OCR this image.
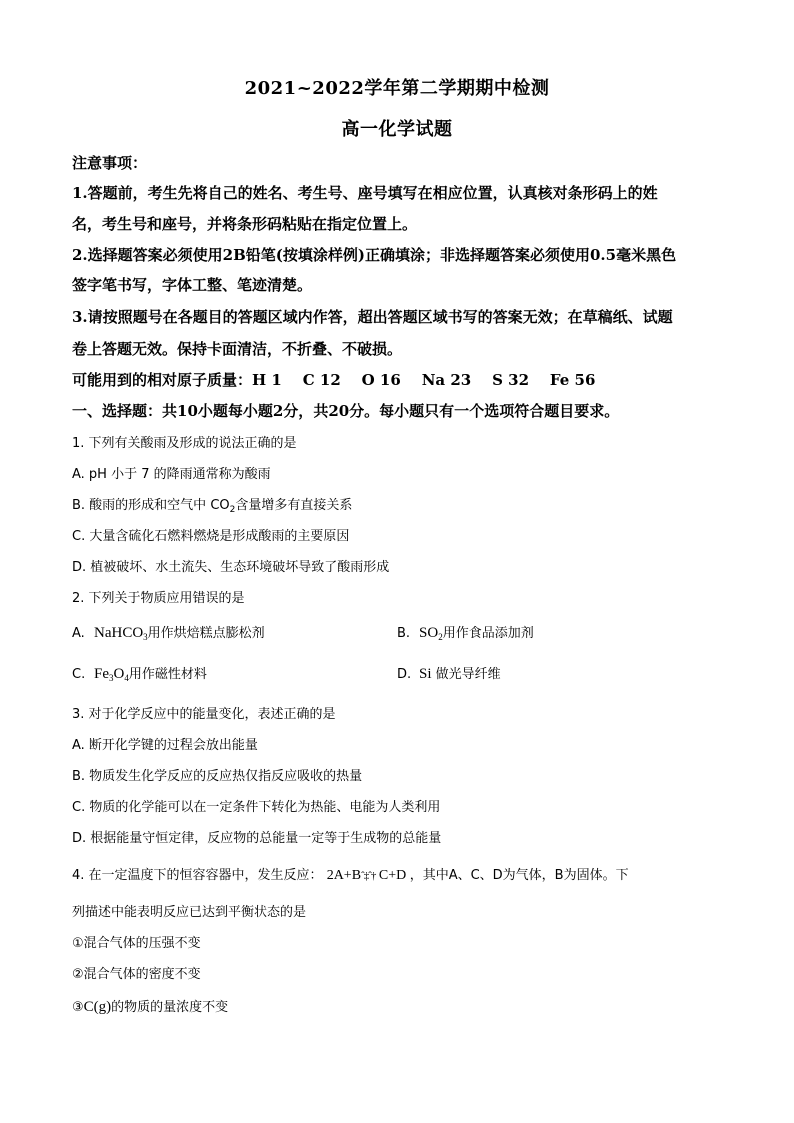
2021~2022学年第二学期期中检测
高一化学试题
注意事项：
1.答题前，考生先将自己的姓名、考生号、座号填写在相应位置，认真核对条形码上的姓
名，考生号和座号，并将条形码粘贴在指定位置上。
2.选择题答案必须使用2B铅笔(按填涂样例)正确填涂；非选择题答案必须使用0.5毫米黑色
签字笔书写，字体工整、笔迹清楚。
3.请按照题号在各题目的答题区域内作答，超出答题区域书写的答案无效；在草稿纸、试题
卷上答题无效。保持卡面清洁，不折叠、不破损。
可能用到的相对原子质量：H 1    C 12    O 16    Na 23    S 32    Fe 56
一、选择题：共10小题每小题2分，共20分。每小题只有一个选项符合题目要求。
1. 下列有关酸雨及形成的说法正确的是
A. pH 小于 7 的降雨通常称为酸雨
B. 酸雨的形成和空气中 $CO_2$含量增多有直接关系
C. 大量含硫化石燃料燃烧是形成酸雨的主要原因
D. 植被破坏、水土流失、生态环境破坏导致了酸雨形成
2. 下列关于物质应用错误的是
A. NaHCO$_3$用作烘焙糕点膨松剂	B. $SO_2$用作食品添加剂
C. $Fe_3O_4$用作磁性材料	D. Si 做光导纤维
3. 对于化学反应中的能量变化，表述正确的是
A. 断开化学键的过程会放出能量
B. 物质发生化学反应的反应热仅指反应吸收的热量
C. 物质的化学能可以在一定条件下转化为热能、电能为人类利用
D. 根据能量守恒定律，反应物的总能量一定等于生成物的总能量
4. 在一定温度下的恒容容器中，发生反应： 2A+Bˆ‡ˆ† C+D ，其中A、C、D为气体，B为固体。下
列描述中能表明反应已达到平衡状态的是
①混合气体的压强不变
②混合气体的密度不变
③C(g)的物质的量浓度不变
